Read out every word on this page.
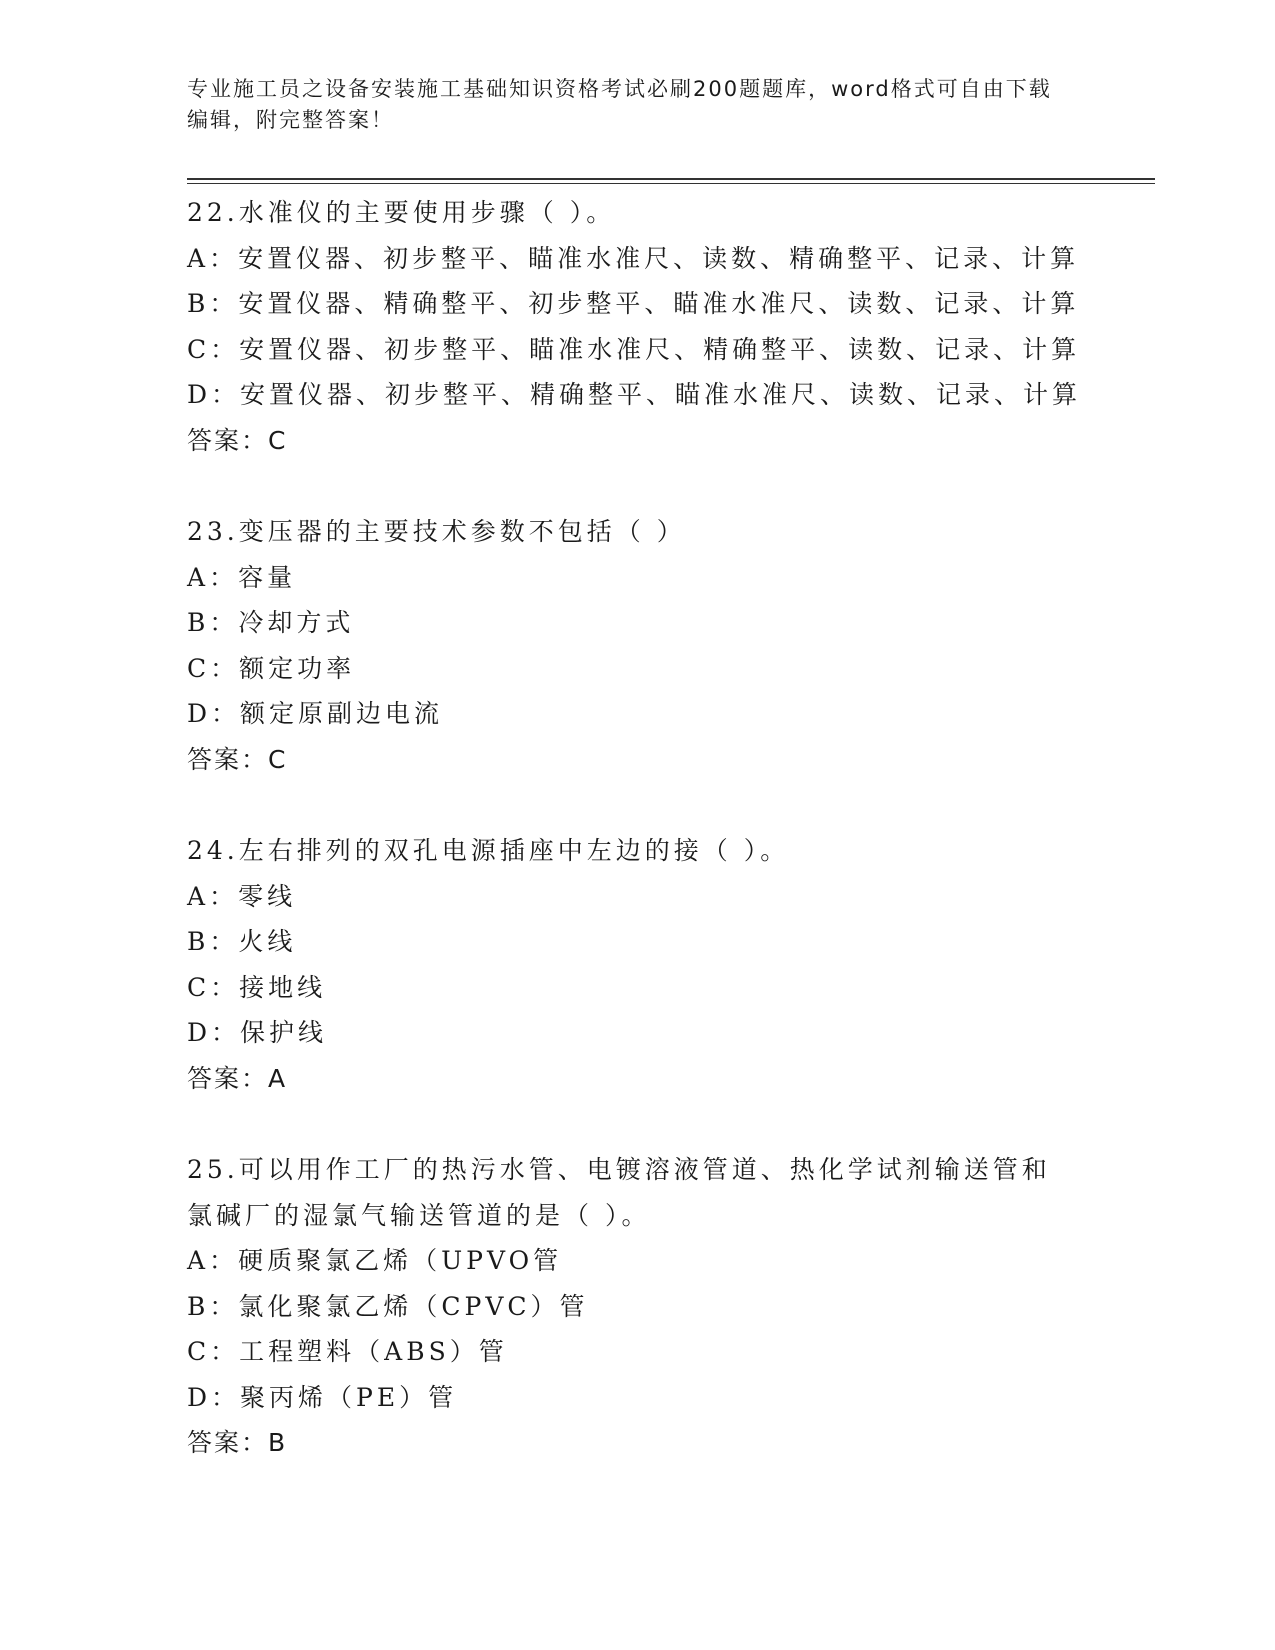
专业施工员之设备安装施工基础知识资格考试必刷200题题库，word格式可自由下载编辑，附完整答案！
22.水准仪的主要使用步骤（ ）。
A：安置仪器、初步整平、瞄准水准尺、读数、精确整平、记录、计算
B：安置仪器、精确整平、初步整平、瞄准水准尺、读数、记录、计算
C：安置仪器、初步整平、瞄准水准尺、精确整平、读数、记录、计算
D：安置仪器、初步整平、精确整平、瞄准水准尺、读数、记录、计算
答案：C
23.变压器的主要技术参数不包括（ ）
A：容量
B：冷却方式
C：额定功率
D：额定原副边电流
答案：C
24.左右排列的双孔电源插座中左边的接（ ）。
A：零线
B：火线
C：接地线
D：保护线
答案：A
25.可以用作工厂的热污水管、电镀溶液管道、热化学试剂输送管和氯碱厂的湿氯气输送管道的是（ ）。
A：硬质聚氯乙烯（UPVO管
B：氯化聚氯乙烯（CPVC）管
C：工程塑料（ABS）管
D：聚丙烯（PE）管
答案：B
